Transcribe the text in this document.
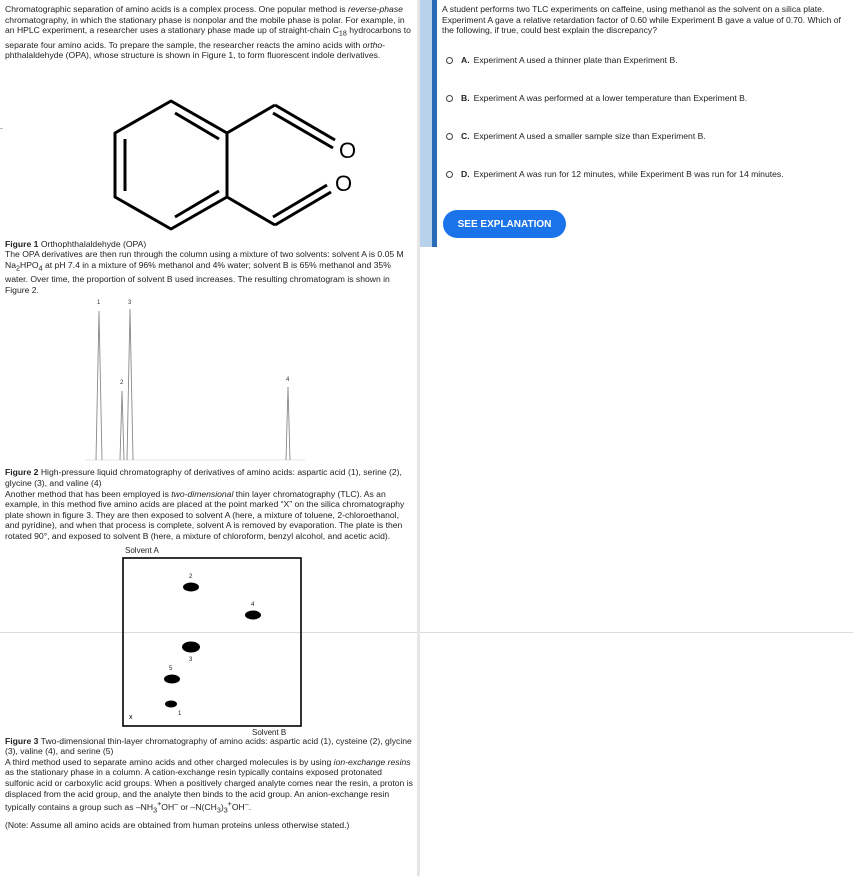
Chromatographic separation of amino acids is a complex process. One popular method is reverse-phase chromatography, in which the stationary phase is nonpolar and the mobile phase is polar. For example, in an HPLC experiment, a researcher uses a stationary phase made up of straight-chain $C_{18}$ hydrocarbons to separate four amino acids. To prepare the sample, the researcher reacts the amino acids with ortho-phthalaldehyde (OPA), whose structure is shown in Figure 1, to form fluorescent indole derivatives.

O
O

Figure 1 Orthophthalaldehyde (OPA)

The OPA derivatives are then run through the column using a mixture of two solvents: solvent A is 0.05 M $Na_2HPO_4$ at pH 7.4 in a mixture of 96% methanol and 4% water; solvent B is 65% methanol and 35% water. Over time, the proportion of solvent B used increases. The resulting chromatogram is shown in Figure 2.

1
2
3
4

Figure 2 High-pressure liquid chromatography of derivatives of amino acids: aspartic acid (1), serine (2), glycine (3), and valine (4)

Another method that has been employed is two-dimensional thin layer chromatography (TLC). As an example, in this method five amino acids are placed at the point marked “X” on the silica chromatography plate shown in figure 3. They are then exposed to solvent A (here, a mixture of toluene, 2-chloroethanol, and pyridine), and when that process is complete, solvent A is removed by evaporation. The plate is then rotated 90°, and exposed to solvent B (here, a mixture of chloroform, benzyl alcohol, and acetic acid).

Solvent A
x
2
4
3
5
1
Solvent B

Figure 3 Two-dimensional thin-layer chromatography of amino acids: aspartic acid (1), cysteine (2), glycine (3), valine (4), and serine (5)

A third method used to separate amino acids and other charged molecules is by using ion-exchange resins as the stationary phase in a column. A cation-exchange resin typically contains exposed protonated sulfonic acid or carboxylic acid groups. When a positively charged analyte comes near the resin, a proton is displaced from the acid group, and the analyte then binds to the acid group. An anion-exchange resin typically contains a group such as $-NH_3^+OH^-$ or $-N(CH_3)_3^+OH^-$.

(Note: Assume all amino acids are obtained from human proteins unless otherwise stated.)

A student performs two TLC experiments on caffeine, using methanol as the solvent on a silica plate. Experiment A gave a relative retardation factor of 0.60 while Experiment B gave a value of 0.70. Which of the following, if true, could best explain the discrepancy?
A. Experiment A used a thinner plate than Experiment B.
B. Experiment A was performed at a lower temperature than Experiment B.
C. Experiment A used a smaller sample size than Experiment B.
D. Experiment A was run for 12 minutes, while Experiment B was run for 14 minutes.
SEE EXPLANATION
